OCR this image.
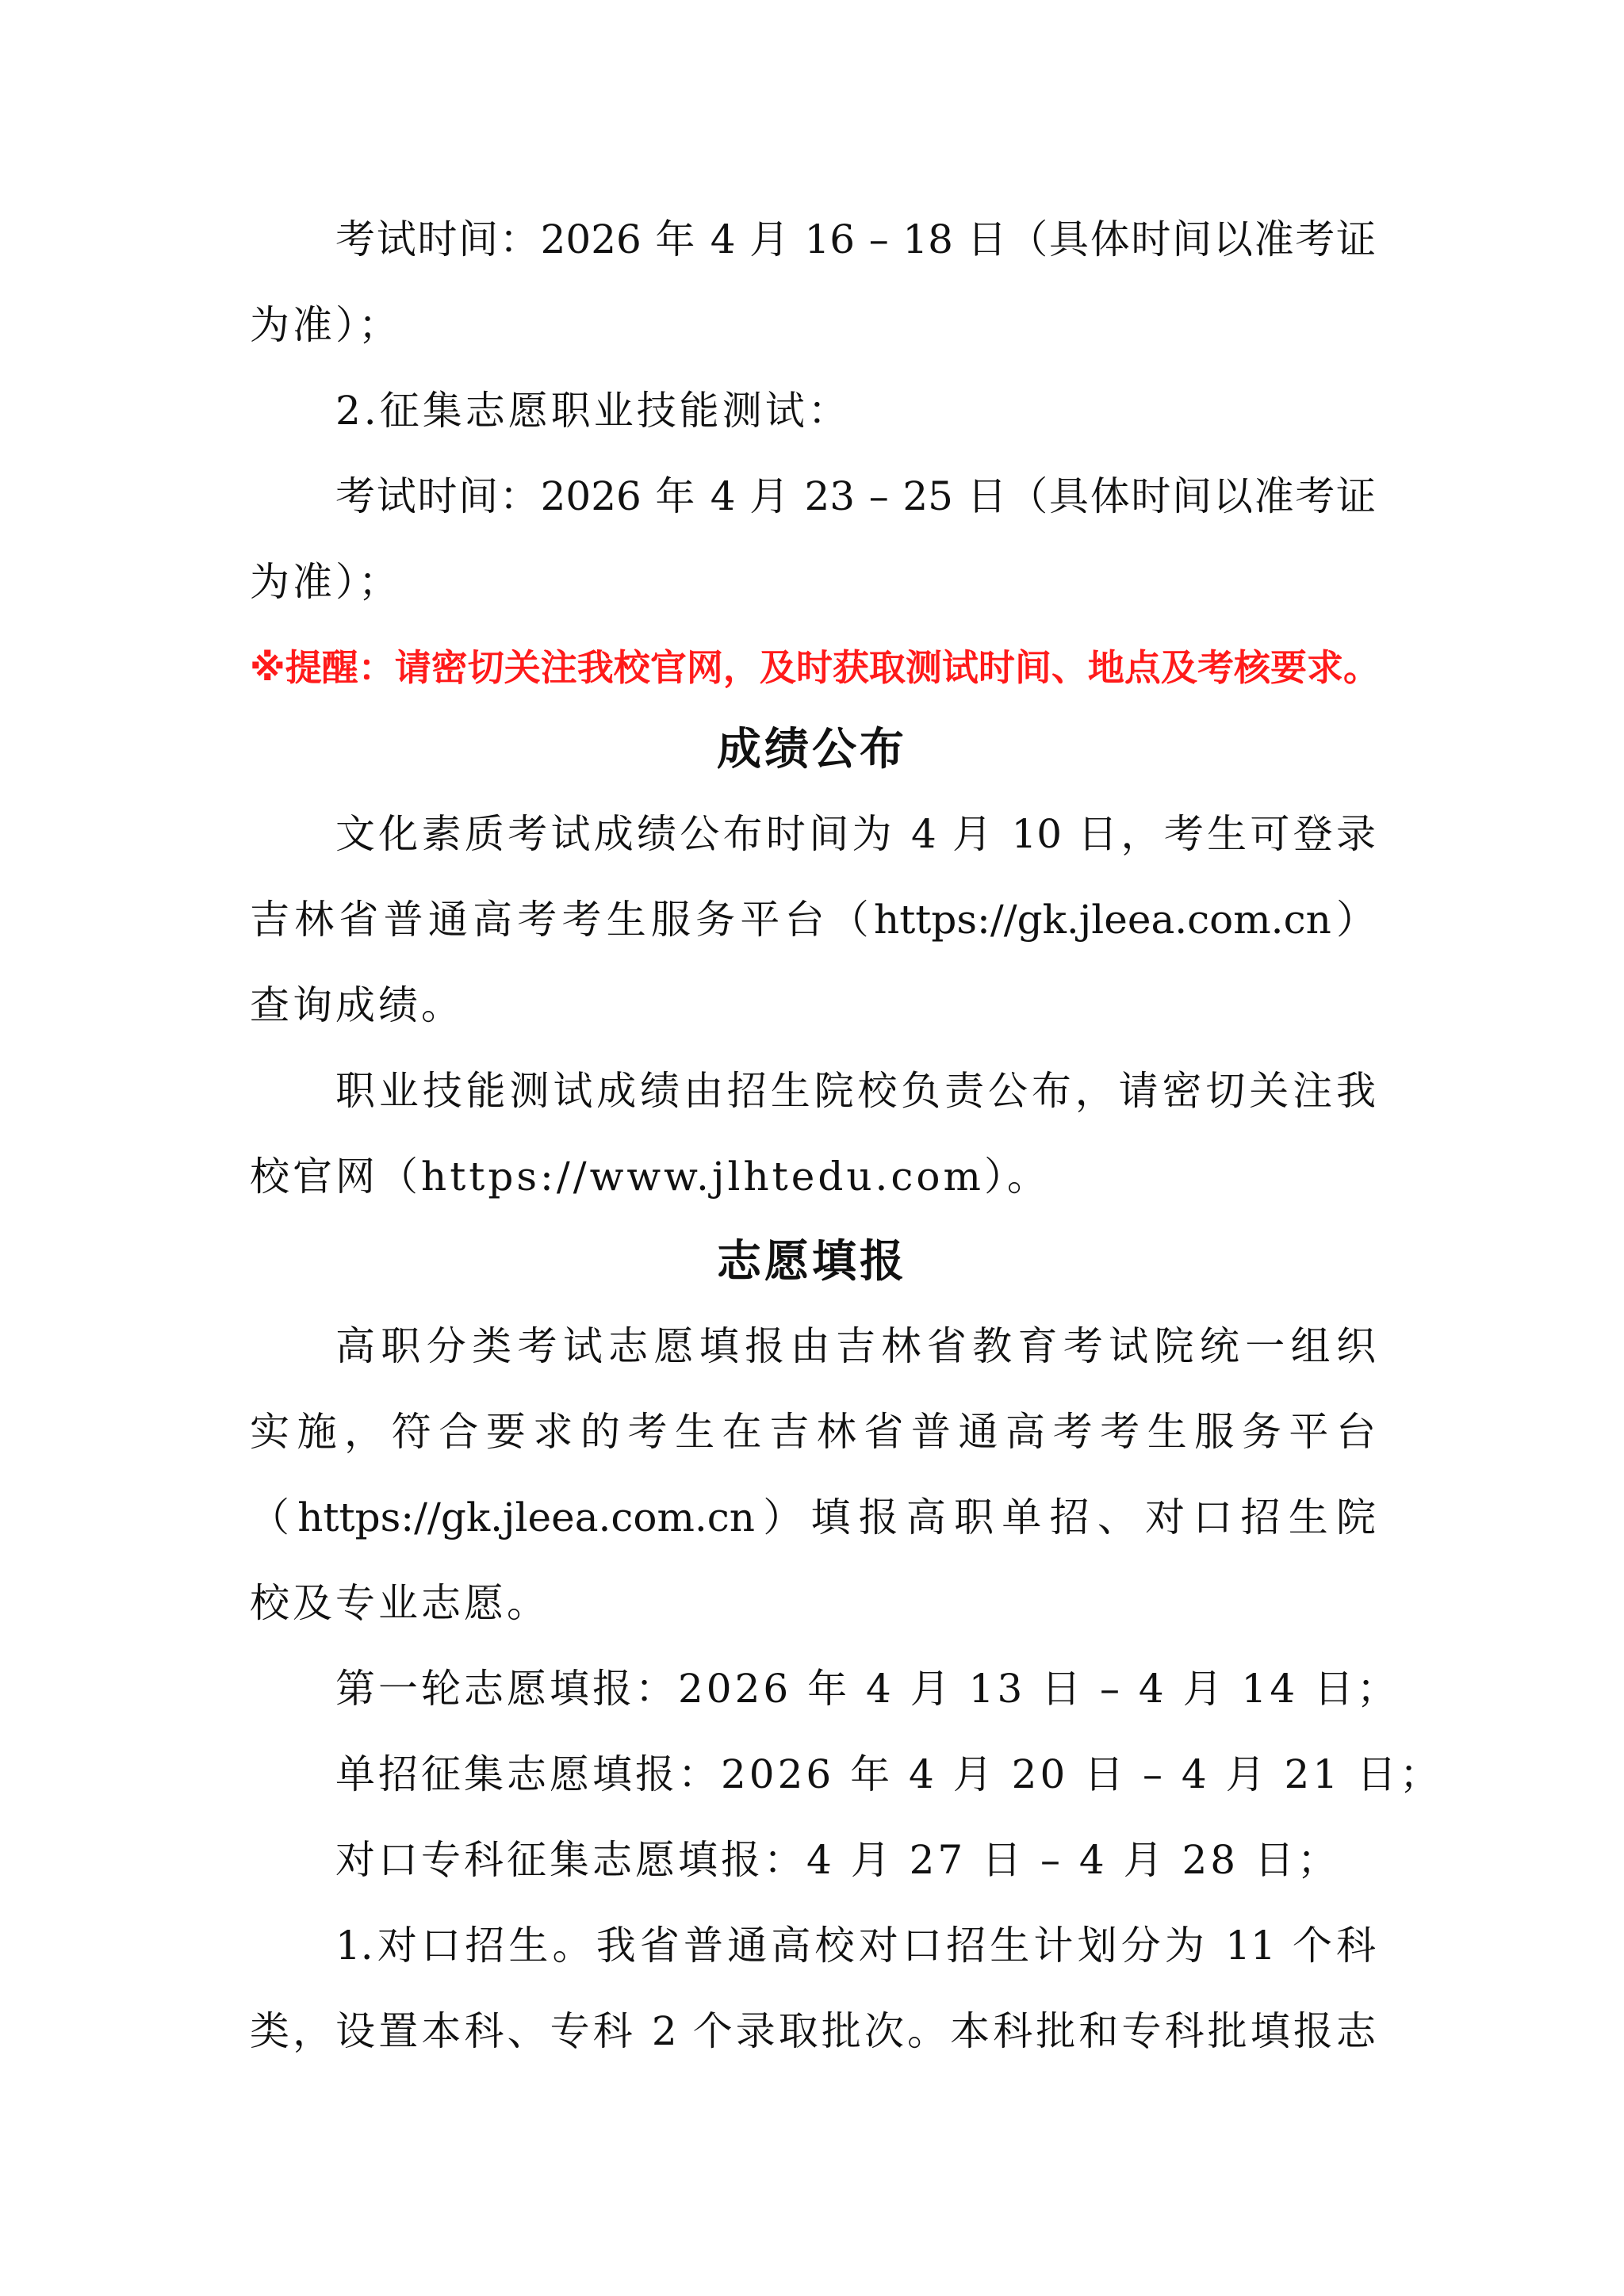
考试时间：2026 年 4 月 16 – 18 日（具体时间以准考证
为准）；
2.征集志愿职业技能测试：
考试时间：2026 年 4 月 23 – 25 日（具体时间以准考证
为准）；
※提醒：请密切关注我校官网，及时获取测试时间、地点及考核要求。
成绩公布
文化素质考试成绩公布时间为 4 月 10 日，考生可登录
吉林省普通高考考生服务平台（https://gk.jleea.com.cn）
查询成绩。
职业技能测试成绩由招生院校负责公布，请密切关注我
校官网（https://www.jlhtedu.com）。
志愿填报
高职分类考试志愿填报由吉林省教育考试院统一组织
实施，符合要求的考生在吉林省普通高考考生服务平台
（https://gk.jleea.com.cn）填报高职单招、对口招生院
校及专业志愿。
第一轮志愿填报：2026 年 4 月 13 日 – 4 月 14 日；
单招征集志愿填报：2026 年 4 月 20 日 – 4 月 21 日；
对口专科征集志愿填报：4 月 27 日 – 4 月 28 日；
1.对口招生。我省普通高校对口招生计划分为 11 个科
类，设置本科、专科 2 个录取批次。本科批和专科批填报志
